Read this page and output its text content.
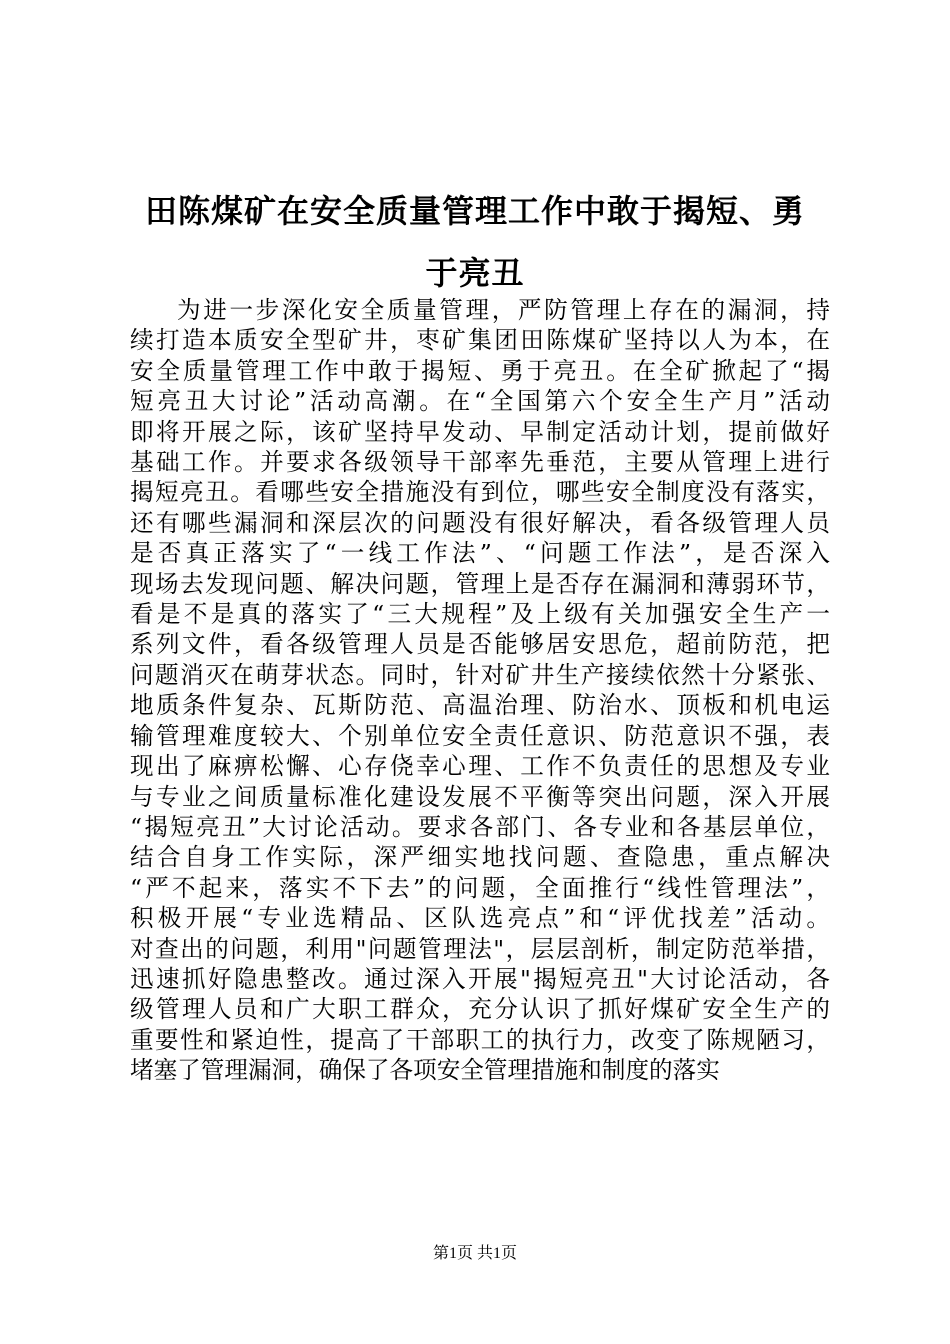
田陈煤矿在安全质量管理工作中敢于揭短、勇
于亮丑
为进一步深化安全质量管理，严防管理上存在的漏洞，持
续打造本质安全型矿井，枣矿集团田陈煤矿坚持以人为本，在
安全质量管理工作中敢于揭短、勇于亮丑。在全矿掀起了“揭
短亮丑大讨论”活动高潮。在“全国第六个安全生产月”活动
即将开展之际，该矿坚持早发动、早制定活动计划，提前做好
基础工作。并要求各级领导干部率先垂范，主要从管理上进行
揭短亮丑。看哪些安全措施没有到位，哪些安全制度没有落实，
还有哪些漏洞和深层次的问题没有很好解决，看各级管理人员
是否真正落实了“一线工作法”、“问题工作法”，是否深入
现场去发现问题、解决问题，管理上是否存在漏洞和薄弱环节，
看是不是真的落实了“三大规程”及上级有关加强安全生产一
系列文件，看各级管理人员是否能够居安思危，超前防范，把
问题消灭在萌芽状态。同时，针对矿井生产接续依然十分紧张、
地质条件复杂、瓦斯防范、高温治理、防治水、顶板和机电运
输管理难度较大、个别单位安全责任意识、防范意识不强，表
现出了麻痹松懈、心存侥幸心理、工作不负责任的思想及专业
与专业之间质量标准化建设发展不平衡等突出问题，深入开展
“揭短亮丑”大讨论活动。要求各部门、各专业和各基层单位，
结合自身工作实际，深严细实地找问题、查隐患，重点解决
“严不起来，落实不下去”的问题，全面推行“线性管理法”，
积极开展“专业选精品、区队选亮点”和“评优找差”活动。
对查出的问题，利用"问题管理法"，层层剖析，制定防范举措，
迅速抓好隐患整改。通过深入开展"揭短亮丑"大讨论活动，各
级管理人员和广大职工群众，充分认识了抓好煤矿安全生产的
重要性和紧迫性，提高了干部职工的执行力，改变了陈规陋习，
堵塞了管理漏洞，确保了各项安全管理措施和制度的落实
第1页 共1页
